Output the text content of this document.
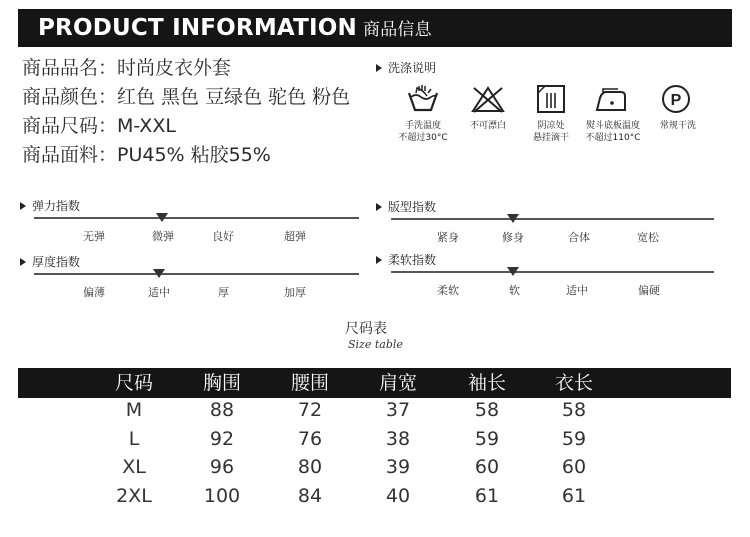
PRODUCT INFORMATION 商品信息
商品品名：时尚皮衣外套
商品颜色：红色 黑色 豆绿色 驼色 粉色
商品尺码：M-XXL
商品面料：PU45% 粘胶55%
洗涤说明
手洗温度
不超过30°C
不可漂白	阴凉处
悬挂滴干
熨斗底板温度
不超过110°C
P
常规干洗
弹力指数
无弹	微弹	良好	超弹
厚度指数
偏薄	适中	厚	加厚
版型指数
紧身	修身	合体	宽松
柔软指数
柔软	软	适中	偏硬
尺码表
Size table
尺码	胸围	腰围	肩宽	袖长	衣长
M	88	72	37	58	58
L	92	76	38	59	59
XL	96	80	39	60	60
2XL	100	84	40	61	61
